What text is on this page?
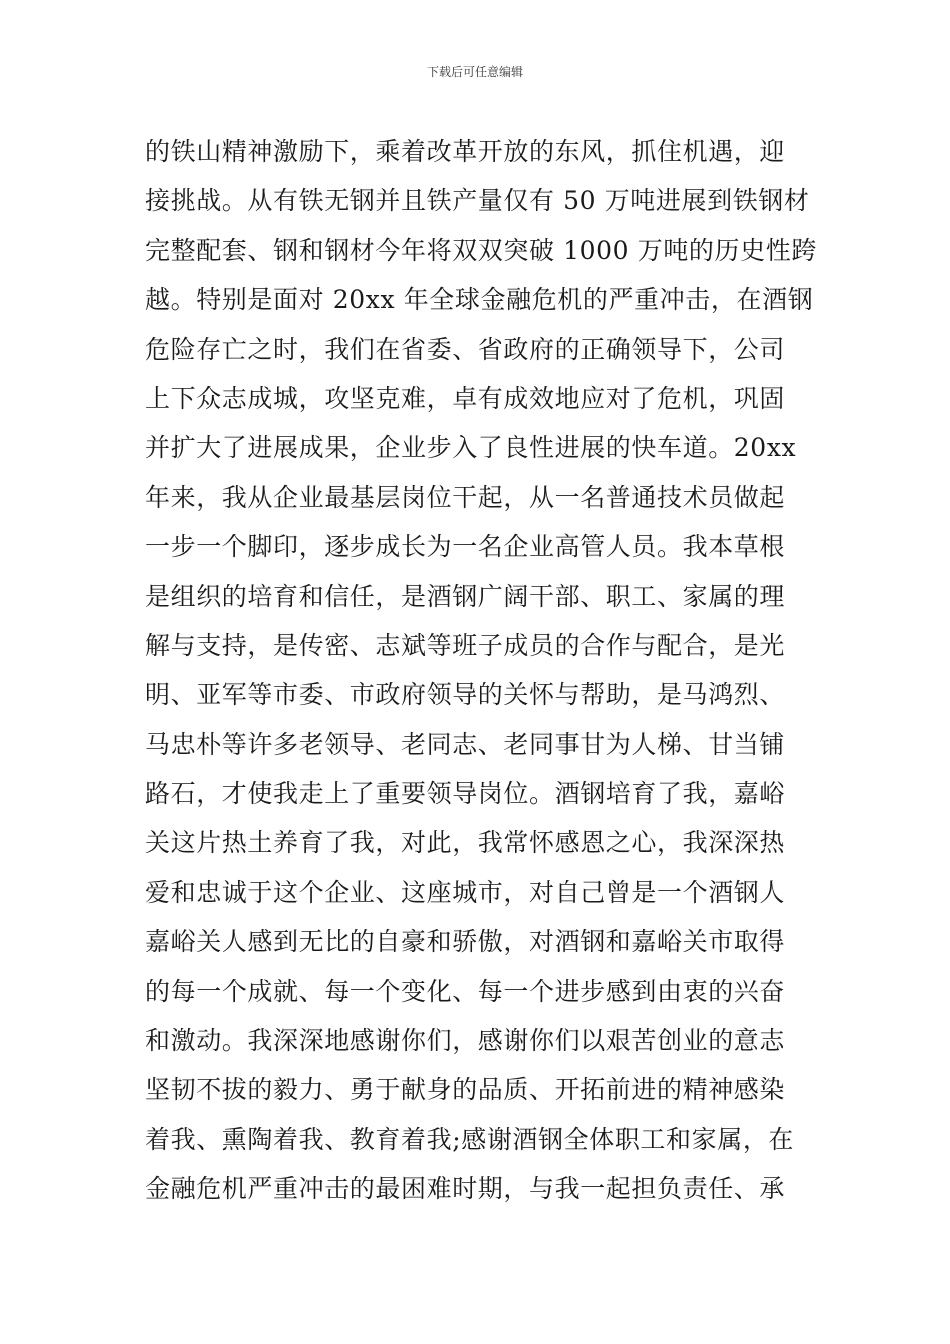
下载后可任意编辑
的铁山精神激励下，乘着改革开放的东风，抓住机遇，迎
接挑战。从有铁无钢并且铁产量仅有 50 万吨进展到铁钢材
完整配套、钢和钢材今年将双双突破 1000 万吨的历史性跨
越。特别是面对 20xx 年全球金融危机的严重冲击，在酒钢
危险存亡之时，我们在省委、省政府的正确领导下，公司
上下众志成城，攻坚克难，卓有成效地应对了危机，巩固
并扩大了进展成果，企业步入了良性进展的快车道。20xx
年来，我从企业最基层岗位干起，从一名普通技术员做起
一步一个脚印，逐步成长为一名企业高管人员。我本草根
是组织的培育和信任，是酒钢广阔干部、职工、家属的理
解与支持，是传密、志斌等班子成员的合作与配合，是光
明、亚军等市委、市政府领导的关怀与帮助，是马鸿烈、
马忠朴等许多老领导、老同志、老同事甘为人梯、甘当铺
路石，才使我走上了重要领导岗位。酒钢培育了我，嘉峪
关这片热土养育了我，对此，我常怀感恩之心，我深深热
爱和忠诚于这个企业、这座城市，对自己曾是一个酒钢人
嘉峪关人感到无比的自豪和骄傲，对酒钢和嘉峪关市取得
的每一个成就、每一个变化、每一个进步感到由衷的兴奋
和激动。我深深地感谢你们，感谢你们以艰苦创业的意志
坚韧不拔的毅力、勇于献身的品质、开拓前进的精神感染
着我、熏陶着我、教育着我;感谢酒钢全体职工和家属，在
金融危机严重冲击的最困难时期，与我一起担负责任、承
